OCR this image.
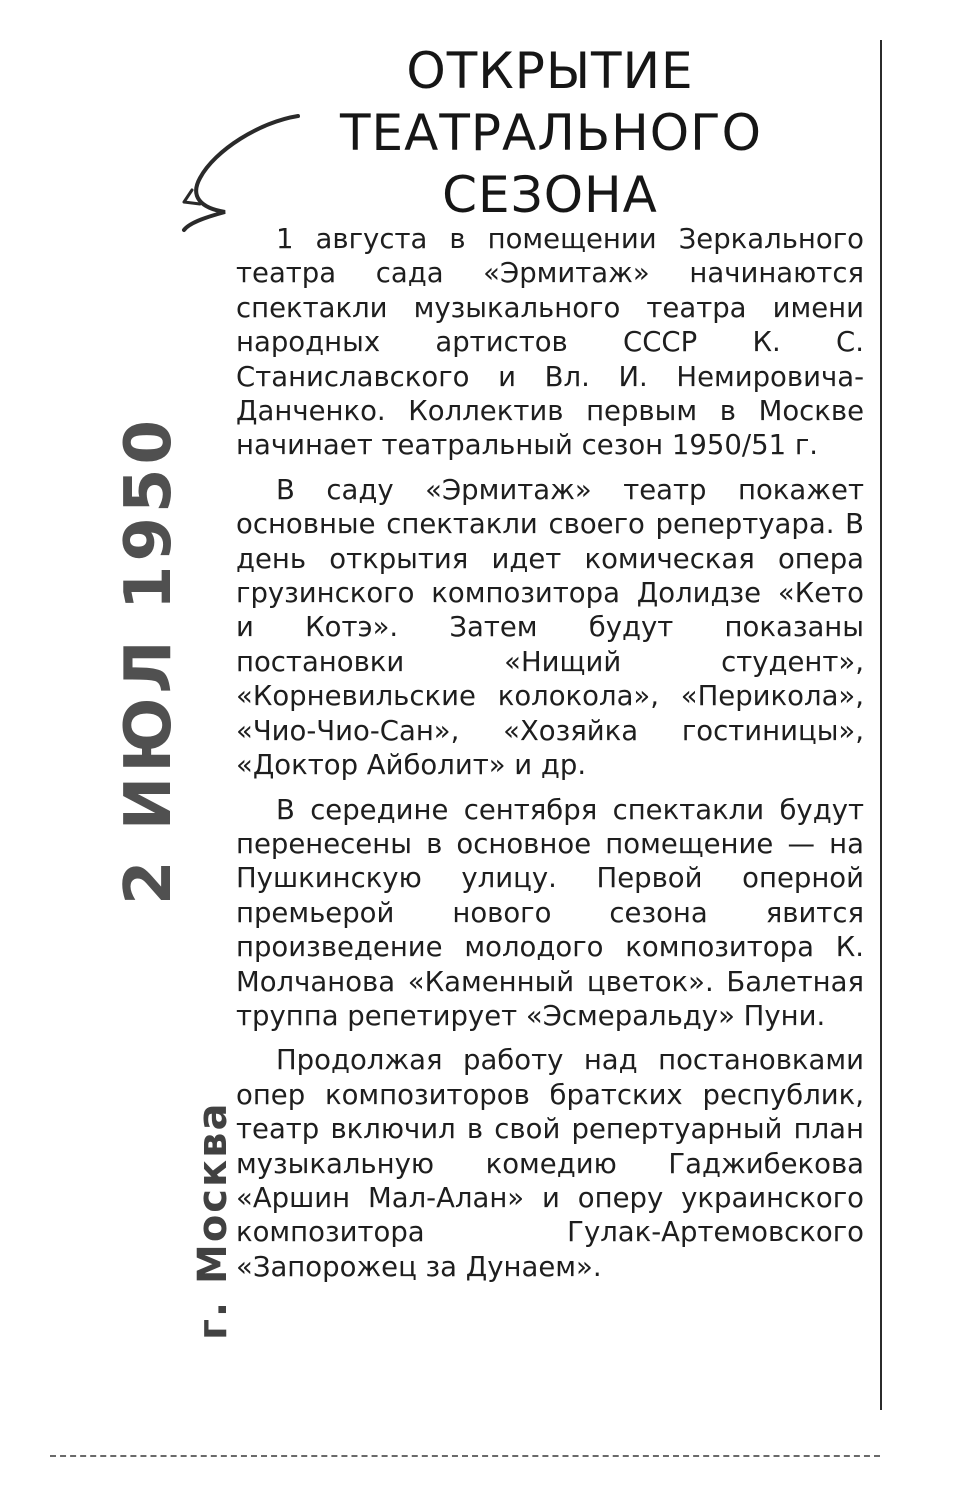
ОТКРЫТИЕ
ТЕАТРАЛЬНОГО
СЕЗОНА

1 августа в помещении Зеркального театра сада «Эрмитаж» начинаются спектакли музыкального театра имени народных артистов СССР К. С. Станиславского и Вл. И. Немировича-Данченко. Коллектив первым в Москве начинает театральный сезон 1950/51 г.

В саду «Эрмитаж» театр покажет основные спектакли своего репертуара. В день открытия идет комическая опера грузинского композитора Долидзе «Кето и Котэ». Затем будут показаны постановки «Нищий студент», «Корневильские колокола», «Перикола», «Чио-Чио-Сан», «Хозяйка гостиницы», «Доктор Айболит» и др.

В середине сентября спектакли будут перенесены в основное помещение — на Пушкинскую улицу. Первой оперной премьерой нового сезона явится произведение молодого композитора К. Молчанова «Каменный цветок». Балетная труппа репетирует «Эсмеральду» Пуни.

Продолжая работу над постановками опер композиторов братских республик, театр включил в свой репертуарный план музыкальную комедию Гаджибекова «Аршин Мал-Алан» и оперу украинского композитора Гулак-Артемовского «Запорожец за Дунаем».

2 ИЮЛ 1950
г. Москва
